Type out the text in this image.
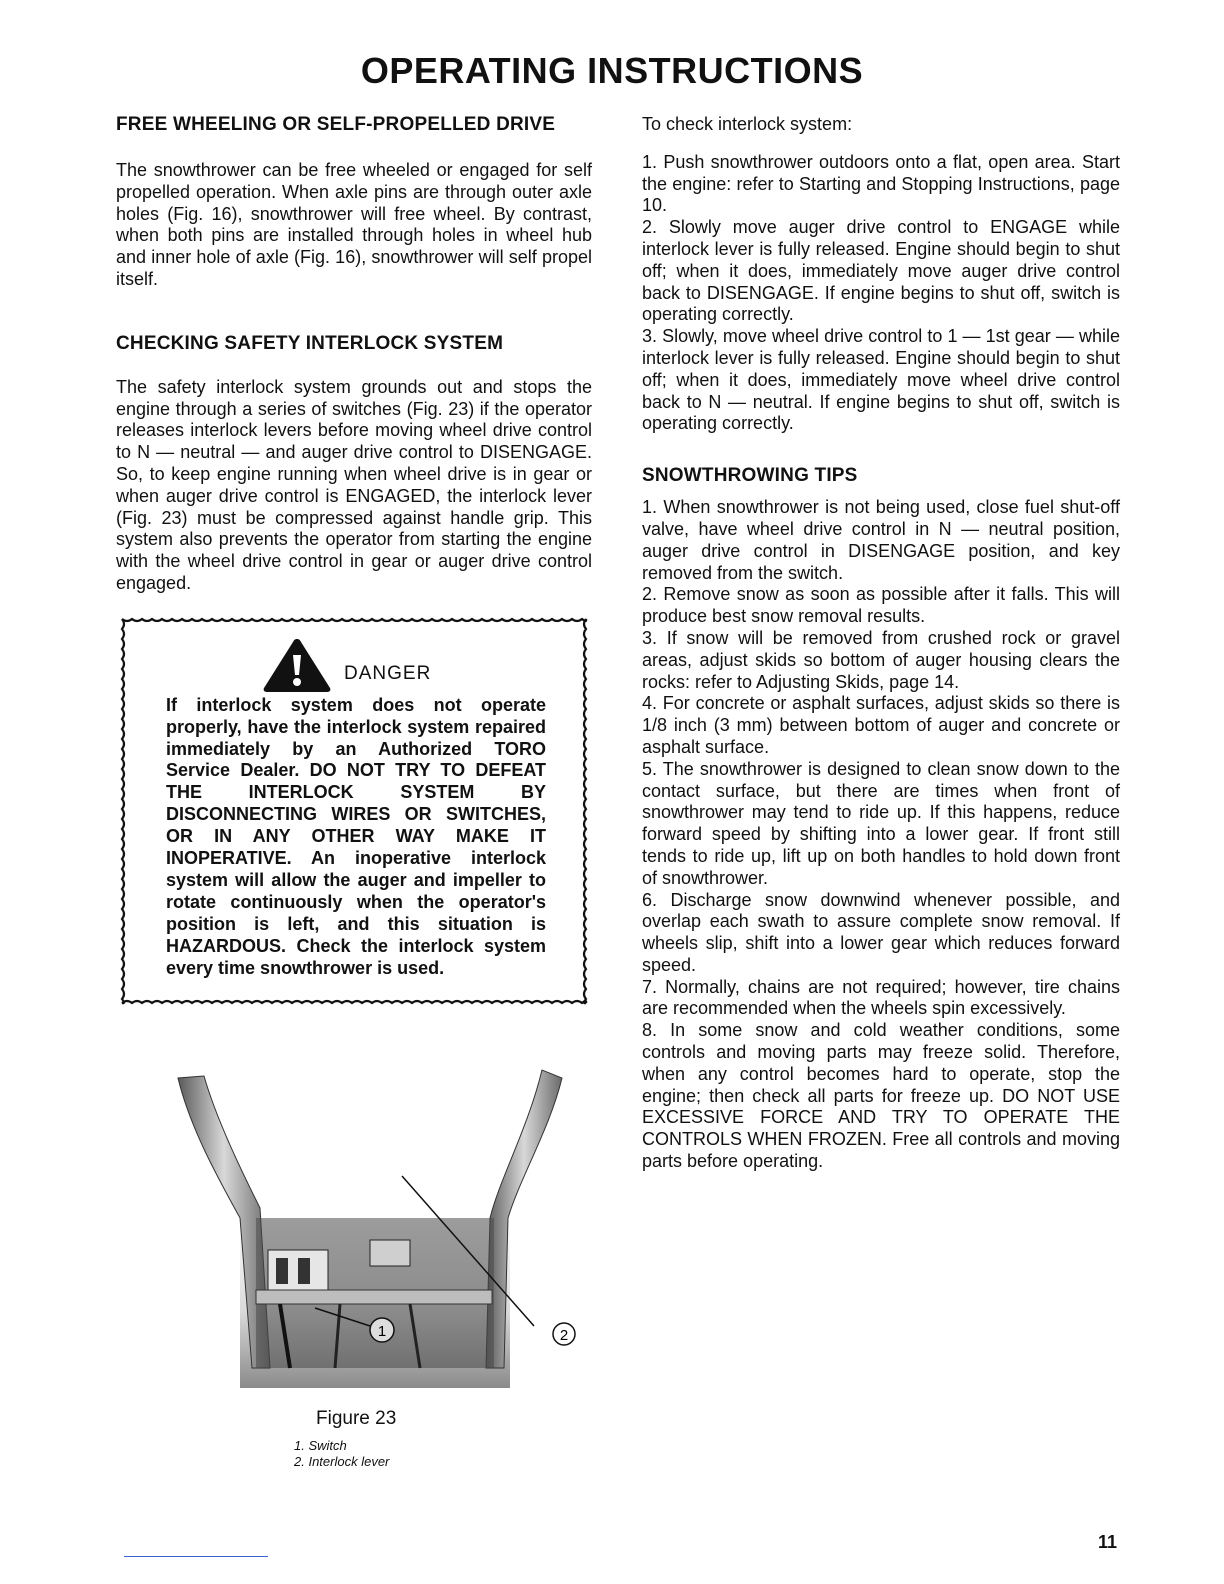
OPERATING INSTRUCTIONS
FREE WHEELING OR SELF-PROPELLED DRIVE

The snowthrower can be free wheeled or engaged for self propelled operation. When axle pins are through outer axle holes (Fig. 16), snowthrower will free wheel. By contrast, when both pins are installed through holes in wheel hub and inner hole of axle (Fig. 16), snowthrower will self propel itself.

CHECKING SAFETY INTERLOCK SYSTEM

The safety interlock system grounds out and stops the engine through a series of switches (Fig. 23) if the operator releases interlock levers before moving wheel drive control to N — neutral — and auger drive control to DISENGAGE. So, to keep engine running when wheel drive is in gear or when auger drive control is ENGAGED, the interlock lever (Fig. 23) must be compressed against handle grip. This system also prevents the operator from starting the engine with the wheel drive control in gear or auger drive control engaged.

DANGER
If interlock system does not operate properly, have the interlock system repaired immediately by an Authorized TORO Service Dealer. DO NOT TRY TO DEFEAT THE INTERLOCK SYSTEM BY DISCONNECTING WIRES OR SWITCHES, OR IN ANY OTHER WAY MAKE IT INOPERATIVE. An inoperative interlock system will allow the auger and impeller to rotate continuously when the operator's position is left, and this situation is HAZARDOUS. Check the interlock system every time snowthrower is used.
1	2
Figure 23
1. Switch
2. Interlock lever

To check interlock system:

1. Push snowthrower outdoors onto a flat, open area. Start the engine: refer to Starting and Stopping Instructions, page 10.

2. Slowly move auger drive control to ENGAGE while interlock lever is fully released. Engine should begin to shut off; when it does, immediately move auger drive control back to DISENGAGE. If engine begins to shut off, switch is operating correctly.

3. Slowly, move wheel drive control to 1 — 1st gear — while interlock lever is fully released. Engine should begin to shut off; when it does, immediately move wheel drive control back to N — neutral. If engine begins to shut off, switch is operating correctly.

SNOWTHROWING TIPS

1. When snowthrower is not being used, close fuel shut-off valve, have wheel drive control in N — neutral position, auger drive control in DISENGAGE position, and key removed from the switch.

2. Remove snow as soon as possible after it falls. This will produce best snow removal results.

3. If snow will be removed from crushed rock or gravel areas, adjust skids so bottom of auger housing clears the rocks: refer to Adjusting Skids, page 14.

4. For concrete or asphalt surfaces, adjust skids so there is 1/8 inch (3 mm) between bottom of auger and concrete or asphalt surface.

5. The snowthrower is designed to clean snow down to the contact surface, but there are times when front of snowthrower may tend to ride up. If this happens, reduce forward speed by shifting into a lower gear. If front still tends to ride up, lift up on both handles to hold down front of snowthrower.

6. Discharge snow downwind whenever possible, and overlap each swath to assure complete snow removal. If wheels slip, shift into a lower gear which reduces forward speed.

7. Normally, chains are not required; however, tire chains are recommended when the wheels spin excessively.

8. In some snow and cold weather conditions, some controls and moving parts may freeze solid. Therefore, when any control becomes hard to operate, stop the engine; then check all parts for freeze up. DO NOT USE EXCESSIVE FORCE AND TRY TO OPERATE THE CONTROLS WHEN FROZEN. Free all controls and moving parts before operating.

11
